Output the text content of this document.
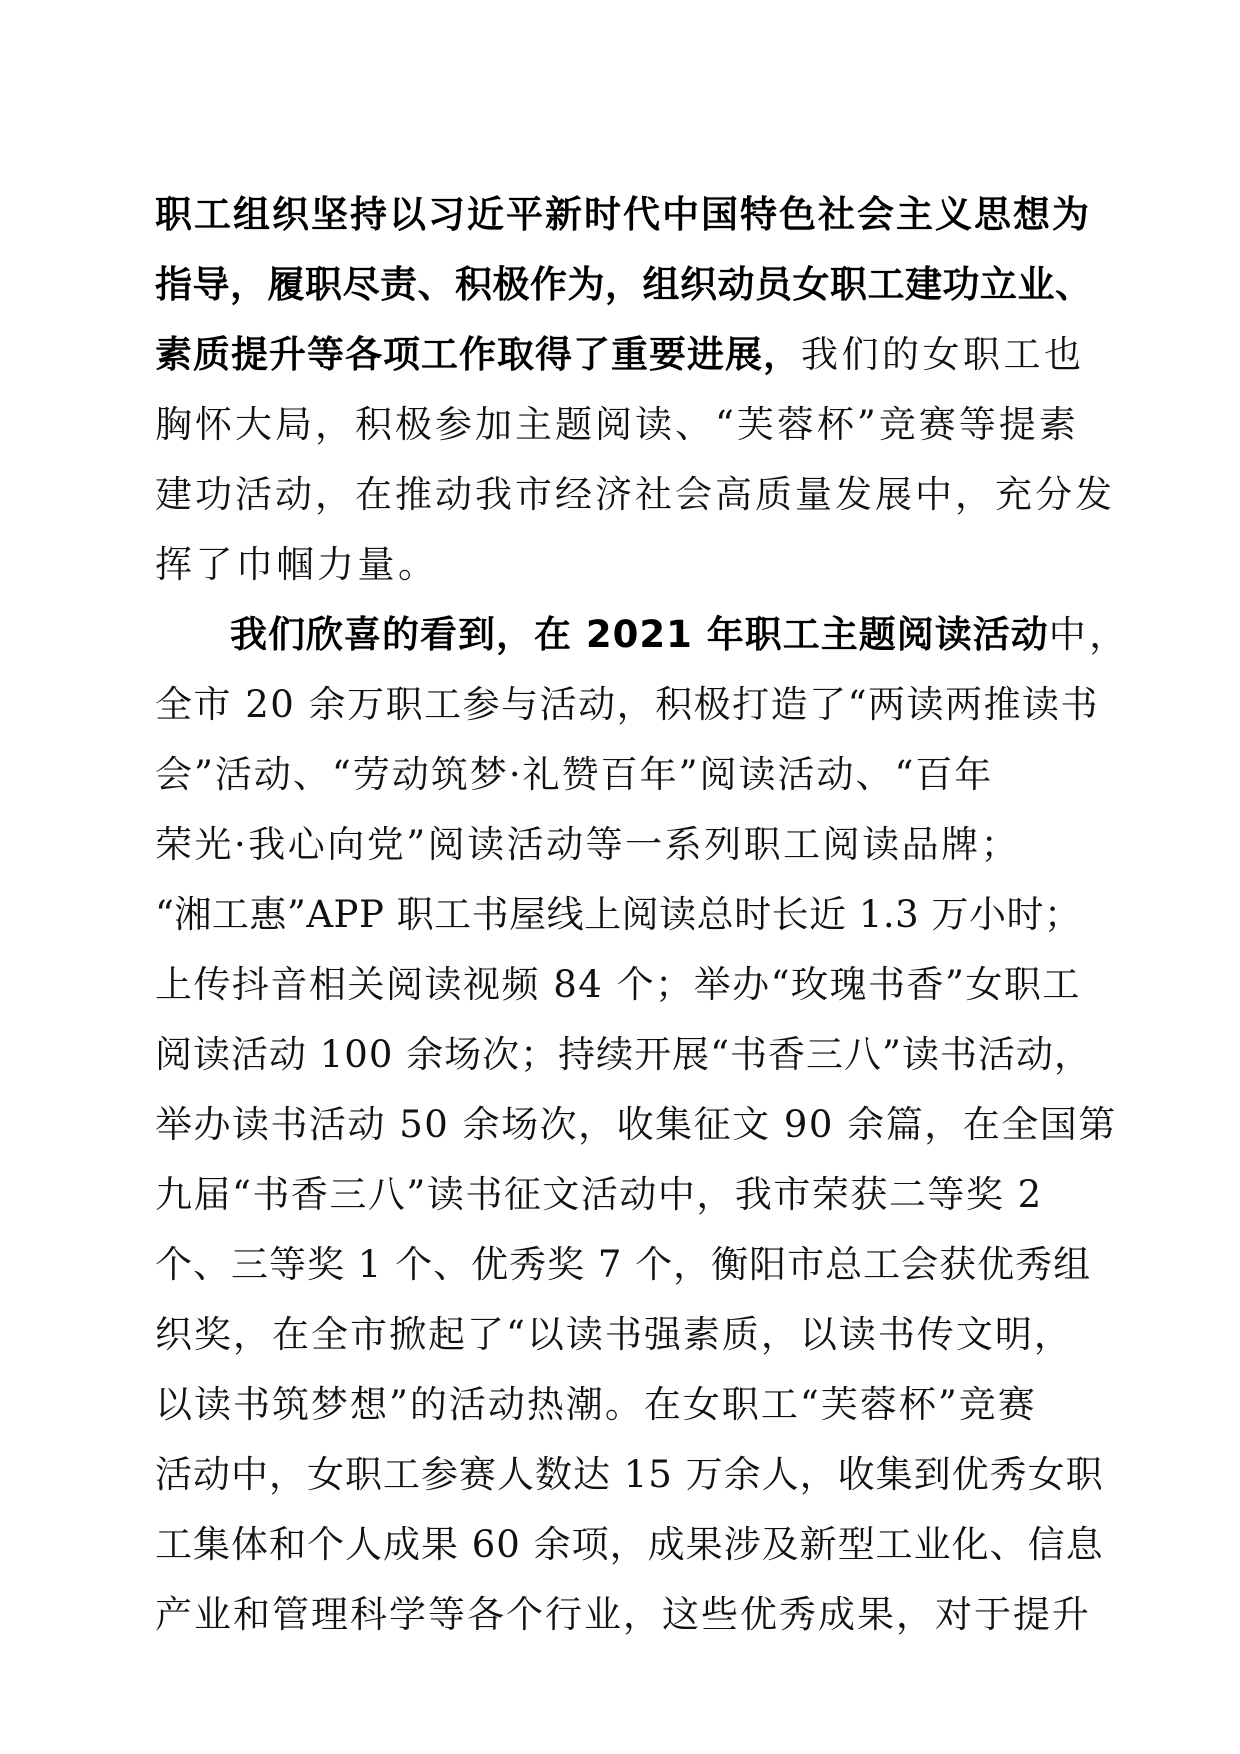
职工组织坚持以习近平新时代中国特色社会主义思想为
指导，履职尽责、积极作为，组织动员女职工建功立业、
素质提升等各项工作取得了重要进展，我们的女职工也
胸怀大局，积极参加主题阅读、“芙蓉杯”竞赛等提素
建功活动，在推动我市经济社会高质量发展中，充分发
挥了巾帼力量。
我们欣喜的看到，在 2021 年职工主题阅读活动中，
全市 20 余万职工参与活动，积极打造了“两读两推读书
会”活动、“劳动筑梦·礼赞百年”阅读活动、“百年
荣光·我心向党”阅读活动等一系列职工阅读品牌；
“湘工惠”APP 职工书屋线上阅读总时长近 1.3 万小时；
上传抖音相关阅读视频 84 个；举办“玫瑰书香”女职工
阅读活动 100 余场次；持续开展“书香三八”读书活动，
举办读书活动 50 余场次，收集征文 90 余篇，在全国第
九届“书香三八”读书征文活动中，我市荣获二等奖 2
个、三等奖 1 个、优秀奖 7 个，衡阳市总工会获优秀组
织奖，在全市掀起了“以读书强素质，以读书传文明，
以读书筑梦想”的活动热潮。在女职工“芙蓉杯”竞赛
活动中，女职工参赛人数达 15 万余人，收集到优秀女职
工集体和个人成果 60 余项，成果涉及新型工业化、信息
产业和管理科学等各个行业，这些优秀成果，对于提升
